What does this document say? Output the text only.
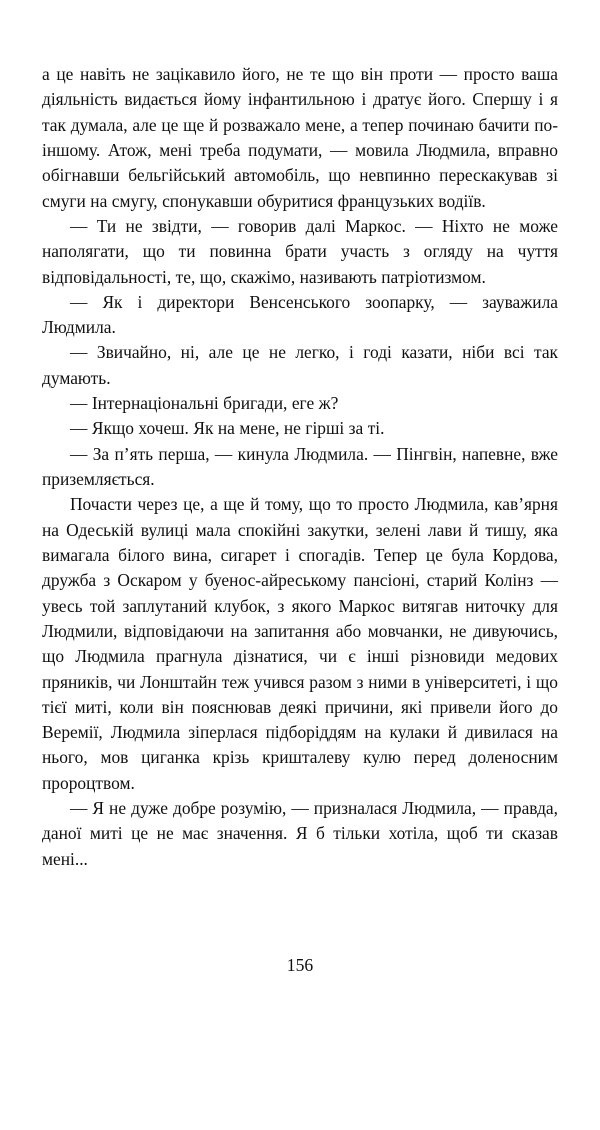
а це навіть не зацікавило його, не те що він проти — просто ваша діяльність видається йому інфантильною і дратує його. Спершу і я так думала, але це ще й розважало мене, а тепер починаю бачити по-іншому. Атож, мені треба подумати, — мовила Людмила, вправно обігнавши бельгійський автомобіль, що невпинно перескакував зі смуги на смугу, спонукавши обуритися французьких водіїв.

— Ти не звідти, — говорив далі Маркос. — Ніхто не може наполягати, що ти повинна брати участь з огляду на чуття відповідальності, те, що, скажімо, називають патріотизмом.

— Як і директори Венсенського зоопарку, — зауважила Людмила.

— Звичайно, ні, але це не легко, і годі казати, ніби всі так думають.

— Інтернаціональні бригади, еге ж?

— Якщо хочеш. Як на мене, не гірші за ті.

— За п’ять перша, — кинула Людмила. — Пінгвін, напевне, вже приземляється.

Почасти через це, а ще й тому, що то просто Людмила, кав’ярня на Одеській вулиці мала спокійні закутки, зелені лави й тишу, яка вимагала білого вина, сигарет і спогадів. Тепер це була Кордова, дружба з Оскаром у буенос-айреському пансіоні, старий Колінз — увесь той заплутаний клубок, з якого Маркос витягав ниточку для Людмили, відповідаючи на запитання або мовчанки, не дивуючись, що Людмила прагнула дізнатися, чи є інші різновиди медових пряників, чи Лонштайн теж учився разом з ними в університеті, і що тієї миті, коли він пояснював деякі причини, які привели його до Веремії, Людмила зіперлася підборіддям на кулаки й дивилася на нього, мов циганка крізь кришталеву кулю перед доленосним пророцтвом.

— Я не дуже добре розумію, — призналася Людмила, — правда, даної миті це не має значення. Я б тільки хотіла, щоб ти сказав мені...

156
